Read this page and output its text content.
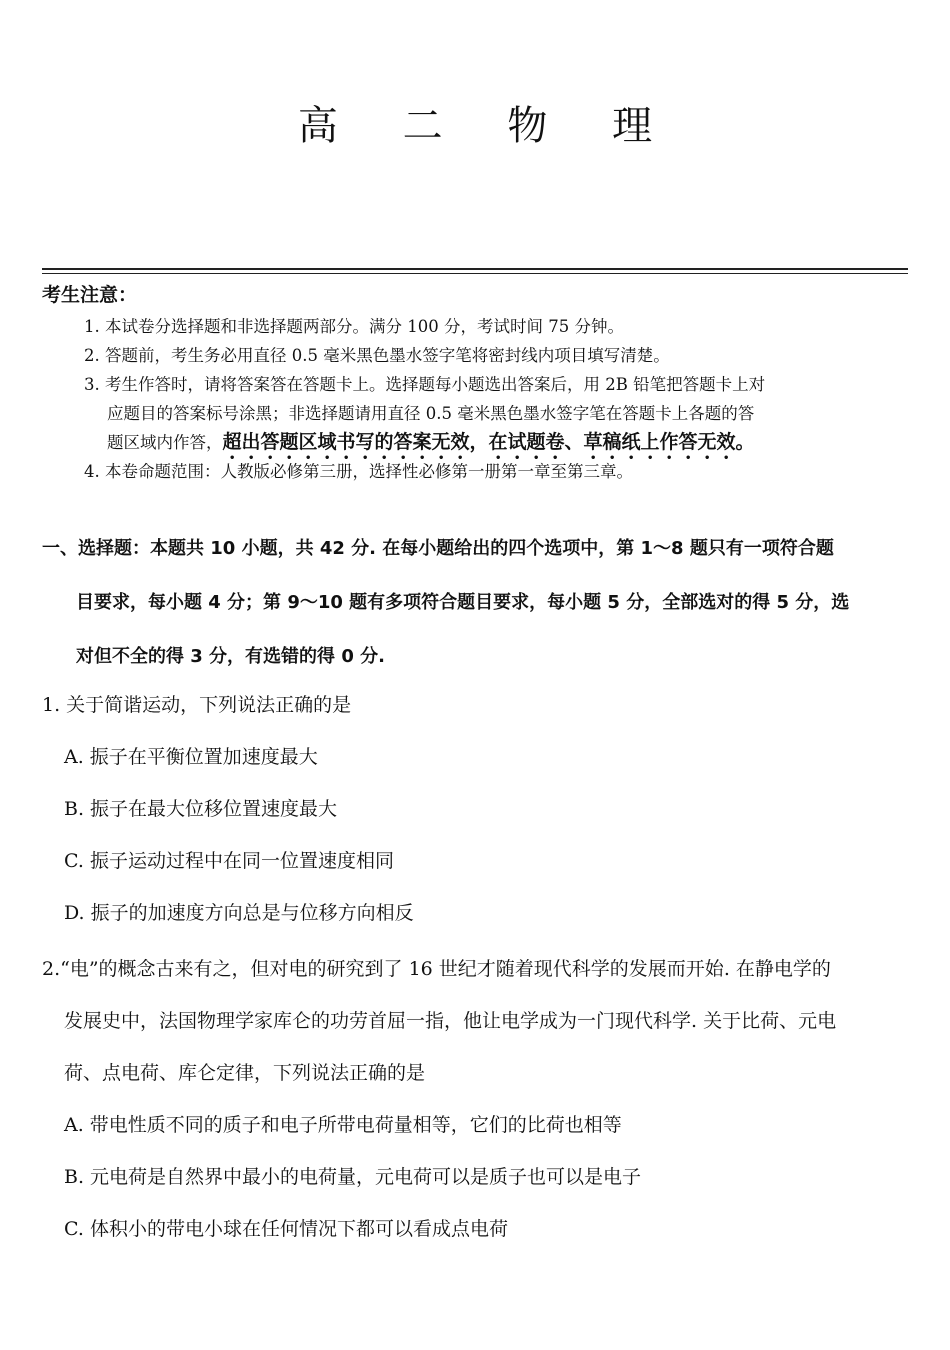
高 二 物 理
考生注意：
1. 本试卷分选择题和非选择题两部分。满分 100 分，考试时间 75 分钟。
2. 答题前，考生务必用直径 0.5 毫米黑色墨水签字笔将密封线内项目填写清楚。
3. 考生作答时，请将答案答在答题卡上。选择题每小题选出答案后，用 2B 铅笔把答题卡上对
应题目的答案标号涂黑；非选择题请用直径 0.5 毫米黑色墨水签字笔在答题卡上各题的答
题区域内作答，超出答题区域书写的答案无效，在试题卷、草稿纸上作答无效。
4. 本卷命题范围：人教版必修第三册，选择性必修第一册第一章至第三章。
一、选择题：本题共 10 小题，共 42 分. 在每小题给出的四个选项中，第 1～8 题只有一项符合题
目要求，每小题 4 分；第 9～10 题有多项符合题目要求，每小题 5 分，全部选对的得 5 分，选
对但不全的得 3 分，有选错的得 0 分.
1. 关于简谐运动，下列说法正确的是
A. 振子在平衡位置加速度最大
B. 振子在最大位移位置速度最大
C. 振子运动过程中在同一位置速度相同
D. 振子的加速度方向总是与位移方向相反
2.“电”的概念古来有之，但对电的研究到了 16 世纪才随着现代科学的发展而开始. 在静电学的
发展史中，法国物理学家库仑的功劳首屈一指，他让电学成为一门现代科学. 关于比荷、元电
荷、点电荷、库仑定律，下列说法正确的是
A. 带电性质不同的质子和电子所带电荷量相等，它们的比荷也相等
B. 元电荷是自然界中最小的电荷量，元电荷可以是质子也可以是电子
C. 体积小的带电小球在任何情况下都可以看成点电荷
